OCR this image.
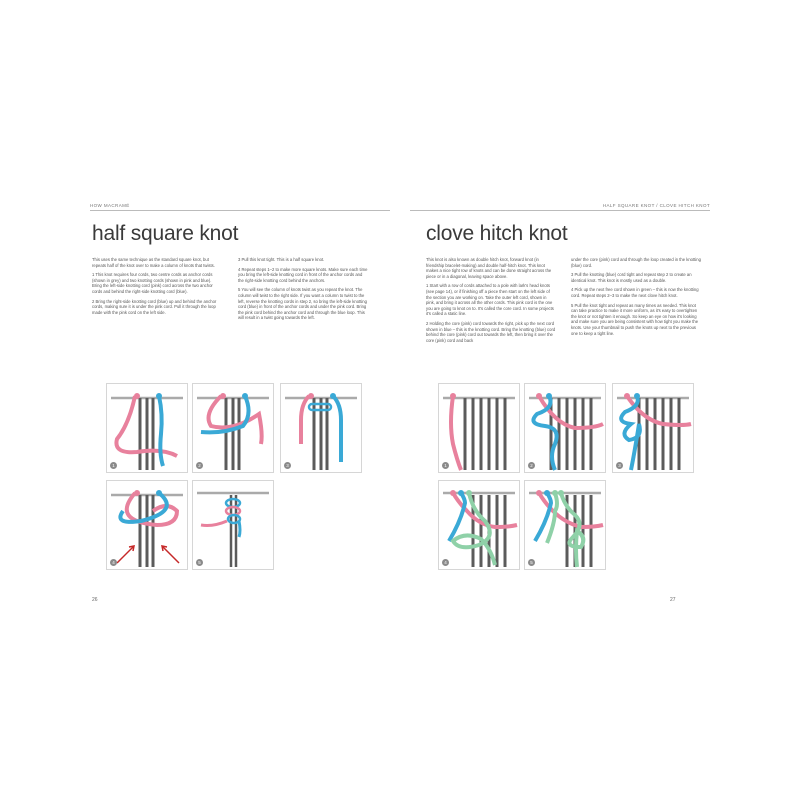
HOW MACRAMÉ
half square knot

This uses the same technique as the standard square knot, but repeats half of the knot over to make a column of knots that twists.

1 This knot requires four cords, two centre cords as anchor cords (shown in grey) and two knotting cords (shown in pink and blue). Bring the left-side knotting cord (pink) cord across the two anchor cords and behind the right-side knotting cord (blue).

2 Bring the right-side knotting cord (blue) up and behind the anchor cords, making sure it is under the pink cord. Pull it through the loop made with the pink cord on the left side.

3 Pull this knot tight. This is a half square knot.

4 Repeat steps 1–2 to make more square knots. Make sure each time you bring the left-side knotting cord in front of the anchor cords and the right-side knotting cord behind the anchors.

5 You will see the column of knots twist as you repeat the knot. The column will twist to the right side. If you want a column to twist to the left, reverse the knotting cords in step 2, so bring the left-side knotting cord (blue) in front of the anchor cords and under the pink cord. Bring the pink cord behind the anchor cord and through the blue loop. This will result in a twist going towards the left.

1	2	3
4	5
26
HALF SQUARE KNOT / CLOVE HITCH KNOT
clove hitch knot

This knot is also known as double hitch knot, forward knot (in friendship bracelet-making) and double half-hitch knot. This knot makes a nice tight row of knots and can be done straight across the piece or in a diagonal, leaving space above.

1 Start with a row of cords attached to a pole with lark's head knots (see page 14), or if finishing off a piece then start on the left side of the section you are working on. Take the outer left cord, shown in pink, and bring it across all the other cords. This pink cord is the one you are going to knot on to. It's called the core cord. In some projects it's called a static line.

2 Holding the core (pink) cord towards the right, pick up the next cord shown in blue – this is the knotting cord. Bring the knotting (blue) cord behind the core (pink) cord out towards the left, then bring it over the core (pink) cord and back

under the core (pink) cord and through the loop created in the knotting (blue) cord.

3 Pull the knotting (blue) cord tight and repeat step 2 to create an identical knot. This knot is mostly used as a double.

4 Pick up the next free cord shown in green – this is now the knotting cord. Repeat steps 2–3 to make the next clove hitch knot.

5 Pull the knot tight and repeat as many times as needed. This knot can take practice to make it more uniform, as it's easy to overtighten the knot or not tighten it enough. So keep an eye on how it's looking and make sure you are being consistent with how tight you make the knots. Use your thumbnail to push the knots up next to the previous one to keep a tight line.

1	2	3
4	5
27
